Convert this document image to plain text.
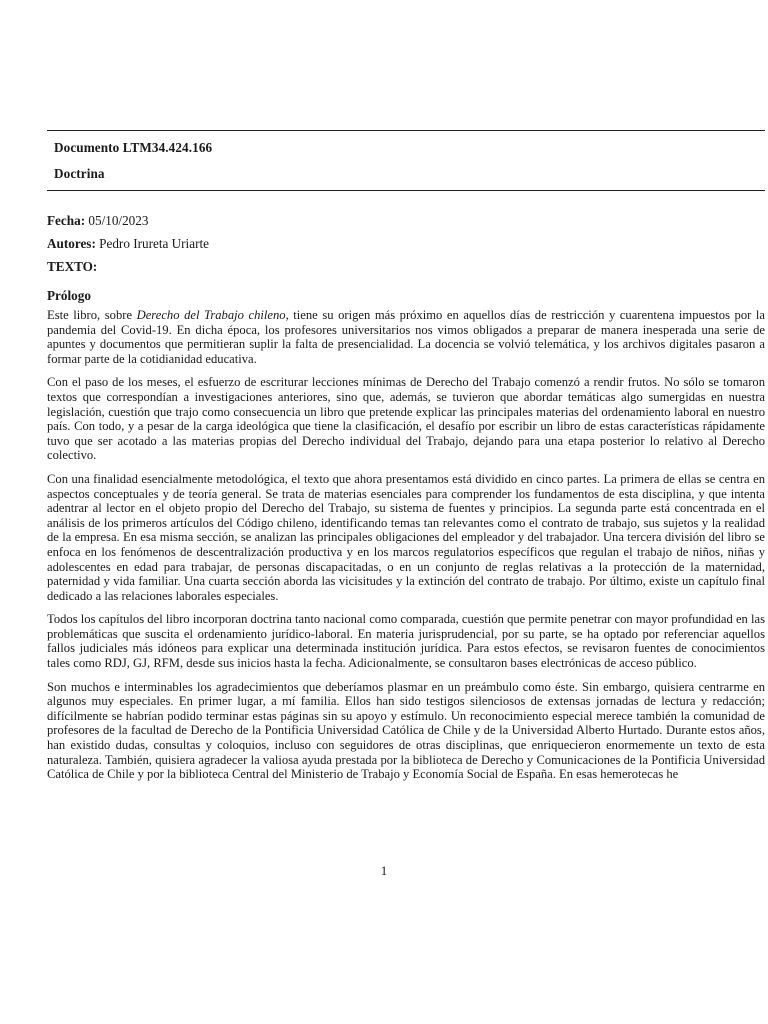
Documento LTM34.424.166
Doctrina
Fecha: 05/10/2023
Autores: Pedro Irureta Uriarte
TEXTO:
Prólogo

Este libro, sobre Derecho del Trabajo chileno, tiene su origen más próximo en aquellos días de restricción y cuarentena impuestos por la pandemia del Covid-19. En dicha época, los profesores universitarios nos vimos obligados a preparar de manera inesperada una serie de apuntes y documentos que permitieran suplir la falta de presencialidad. La docencia se volvió telemática, y los archivos digitales pasaron a formar parte de la cotidianidad educativa.

Con el paso de los meses, el esfuerzo de escriturar lecciones mínimas de Derecho del Trabajo comenzó a rendir frutos. No sólo se tomaron textos que correspondían a investigaciones anteriores, sino que, además, se tuvieron que abordar temáticas algo sumergidas en nuestra legislación, cuestión que trajo como consecuencia un libro que pretende explicar las principales materias del ordenamiento laboral en nuestro país. Con todo, y a pesar de la carga ideológica que tiene la clasificación, el desafío por escribir un libro de estas características rápidamente tuvo que ser acotado a las materias propias del Derecho individual del Trabajo, dejando para una etapa posterior lo relativo al Derecho colectivo.

Con una finalidad esencialmente metodológica, el texto que ahora presentamos está dividido en cinco partes. La primera de ellas se centra en aspectos conceptuales y de teoría general. Se trata de materias esenciales para comprender los fundamentos de esta disciplina, y que intenta adentrar al lector en el objeto propio del Derecho del Trabajo, su sistema de fuentes y principios. La segunda parte está concentrada en el análisis de los primeros artículos del Código chileno, identificando temas tan relevantes como el contrato de trabajo, sus sujetos y la realidad de la empresa. En esa misma sección, se analizan las principales obligaciones del empleador y del trabajador. Una tercera división del libro se enfoca en los fenómenos de descentralización productiva y en los marcos regulatorios específicos que regulan el trabajo de niños, niñas y adolescentes en edad para trabajar, de personas discapacitadas, o en un conjunto de reglas relativas a la protección de la maternidad, paternidad y vida familiar. Una cuarta sección aborda las vicisitudes y la extinción del contrato de trabajo. Por último, existe un capítulo final dedicado a las relaciones laborales especiales.

Todos los capítulos del libro incorporan doctrina tanto nacional como comparada, cuestión que permite penetrar con mayor profundidad en las problemáticas que suscita el ordenamiento jurídico-laboral. En materia jurisprudencial, por su parte, se ha optado por referenciar aquellos fallos judiciales más idóneos para explicar una determinada institución jurídica. Para estos efectos, se revisaron fuentes de conocimientos tales como RDJ, GJ, RFM, desde sus inicios hasta la fecha. Adicionalmente, se consultaron bases electrónicas de acceso público.

Son muchos e interminables los agradecimientos que deberíamos plasmar en un preámbulo como éste. Sin embargo, quisiera centrarme en algunos muy especiales. En primer lugar, a mí familia. Ellos han sido testigos silenciosos de extensas jornadas de lectura y redacción; difícilmente se habrían podido terminar estas páginas sin su apoyo y estímulo. Un reconocimiento especial merece también la comunidad de profesores de la facultad de Derecho de la Pontificia Universidad Católica de Chile y de la Universidad Alberto Hurtado. Durante estos años, han existido dudas, consultas y coloquios, incluso con seguidores de otras disciplinas, que enriquecieron enormemente un texto de esta naturaleza. También, quisiera agradecer la valiosa ayuda prestada por la biblioteca de Derecho y Comunicaciones de la Pontificia Universidad Católica de Chile y por la biblioteca Central del Ministerio de Trabajo y Economía Social de España. En esas hemerotecas he

1
